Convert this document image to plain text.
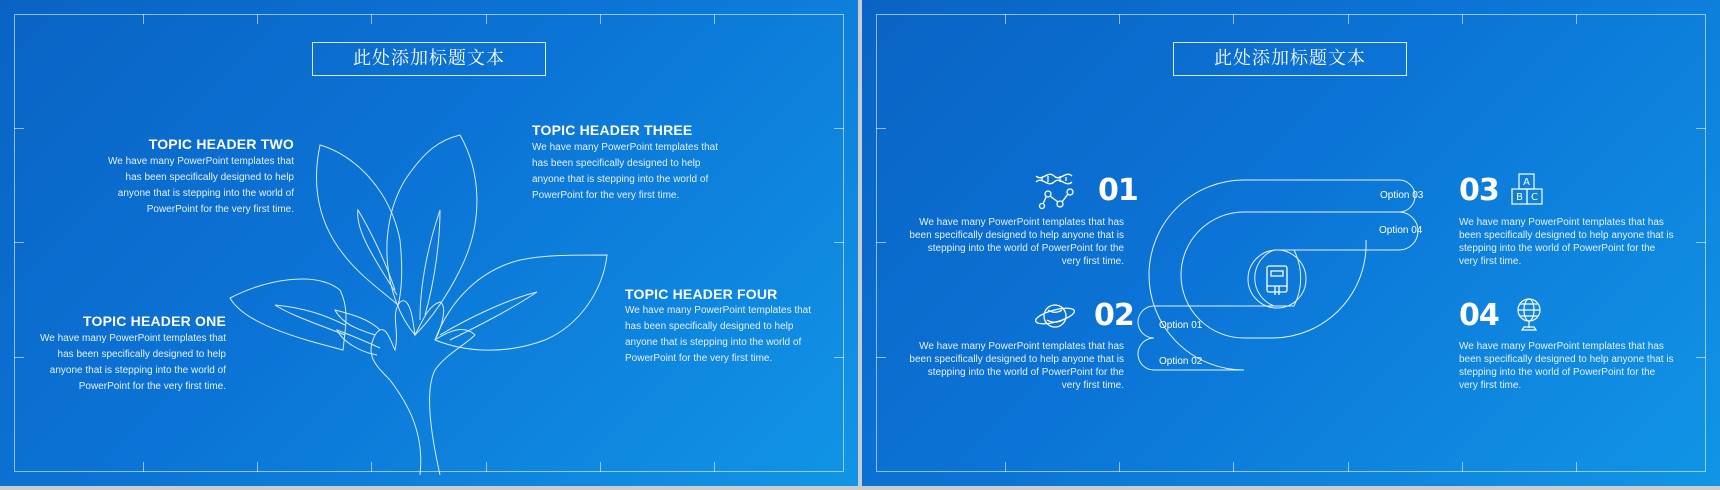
此处添加标题文本
TOPIC HEADER TWO
We have many PowerPoint templates that has been specifically designed to help anyone that is stepping into the world of PowerPoint for the very first time.
TOPIC HEADER THREE
We have many PowerPoint templates that has been specifically designed to help anyone that is stepping into the world of PowerPoint for the very first time.
TOPIC HEADER FOUR
We have many PowerPoint templates that has been specifically designed to help anyone that is stepping into the world of PowerPoint for the very first time.
TOPIC HEADER ONE
We have many PowerPoint templates that has been specifically designed to help anyone that is stepping into the world of PowerPoint for the very first time.
此处添加标题文本
Option 03
Option 04
Option 01
Option 02
01
We have many PowerPoint templates that has been specifically designed to help anyone that is stepping into the world of PowerPoint for the very first time.
02
We have many PowerPoint templates that has been specifically designed to help anyone that is stepping into the world of PowerPoint for the very first time.
03 A
B C
We have many PowerPoint templates that has been specifically designed to help anyone that is stepping into the world of PowerPoint for the very first time.
04
We have many PowerPoint templates that has been specifically designed to help anyone that is stepping into the world of PowerPoint for the very first time.
